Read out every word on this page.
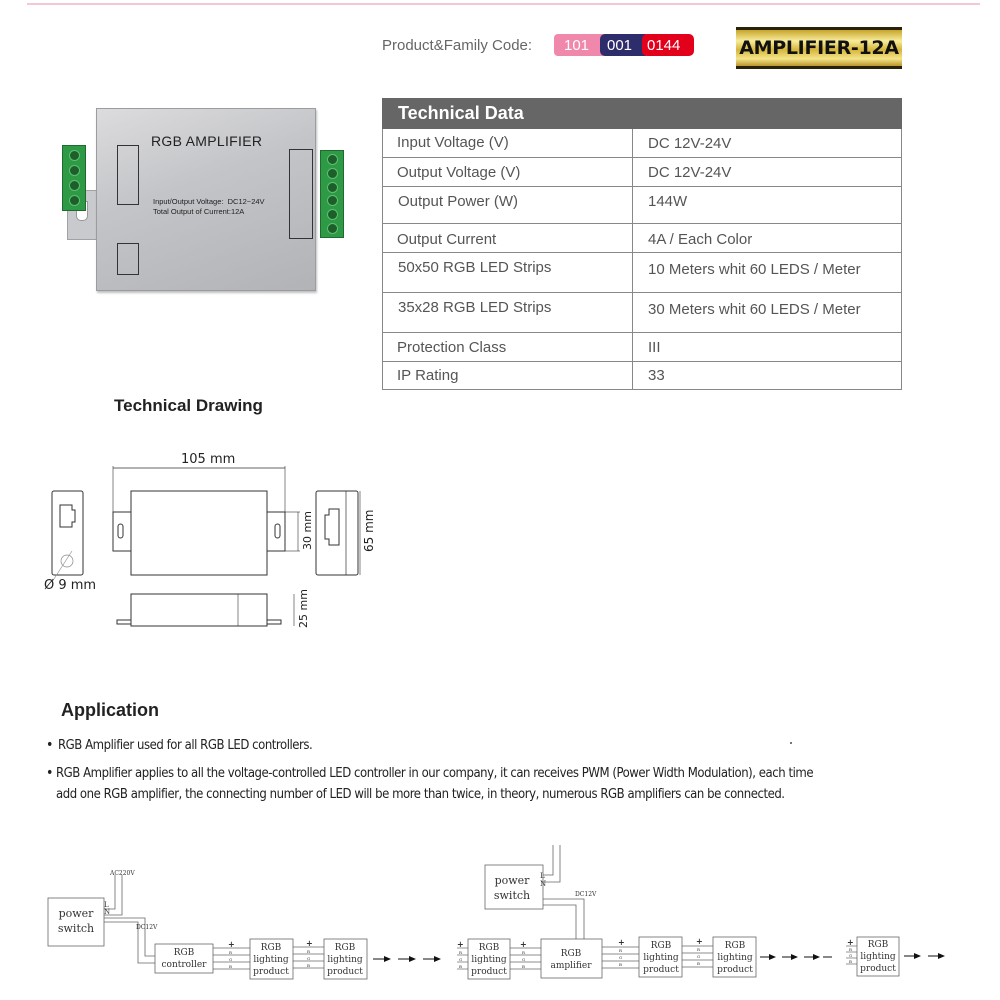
Product&Family Code:	101	001 0144	AMPLIFIER-12A
RGB AMPLIFIER
Input/Output Voltage:  DC12~24V
Total Output of Current:12A
Technical Data	
Input Voltage (V)	DC 12V-24V
Output Voltage (V)	DC 12V-24V
Output Power (W)	144W
Output Current	4A / Each Color
50x50 RGB LED Strips	10 Meters whit 60 LEDS / Meter
35x28 RGB LED Strips	30 Meters whit 60 LEDS / Meter
Protection Class	III
IP Rating	33
Technical Drawing
105 mm
Ø 9 mm
30 mm	65 mm
25 mm
Application
• RGB Amplifier used for all RGB LED controllers.
• RGB Amplifier applies to all the voltage-controlled LED controller in our company, it can receives PWM (Power Width Modulation), each time add one RGB amplifier, the connecting number of LED will be more than twice, in theory, numerous RGB amplifiers can be connected.
power
switch
RGB
controller
RGB
lighting
product
RGB
lighting
product
power
switch
RGB
lighting
product
RGB
amplifier
RGB
lighting
product
RGB
lighting
product
RGB
lighting
product
AC220V
DC12V
DC12V
L
N
L
N
+	+	+	+	+	+	+
R
G
B
R
G
B
R
G
B
R
G
B
R
G
B
R
G
B
R
G
B
